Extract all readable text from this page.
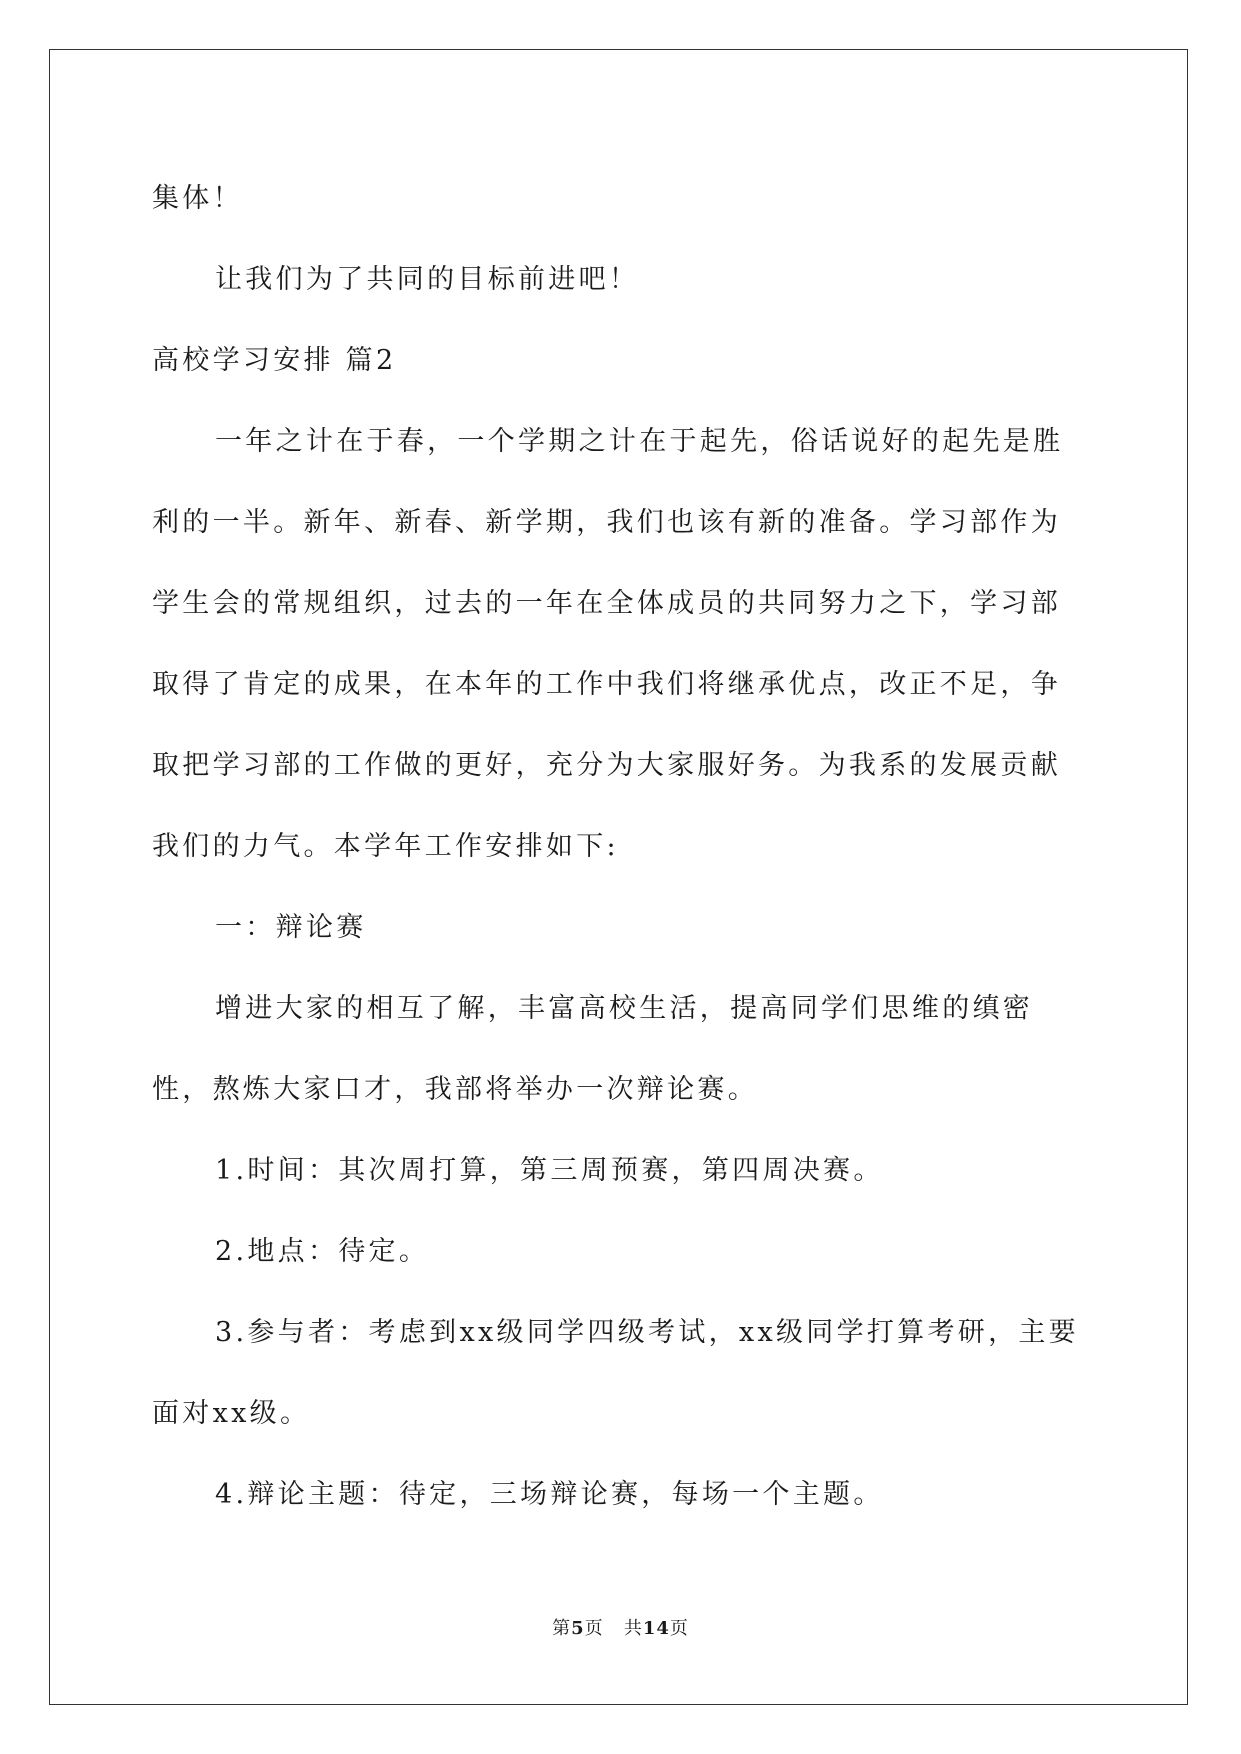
集体！

让我们为了共同的目标前进吧！

高校学习安排 篇2

一年之计在于春，一个学期之计在于起先，俗话说好的起先是胜利的一半。新年、新春、新学期，我们也该有新的准备。学习部作为学生会的常规组织，过去的一年在全体成员的共同努力之下，学习部取得了肯定的成果，在本年的工作中我们将继承优点，改正不足，争取把学习部的工作做的更好，充分为大家服好务。为我系的发展贡献我们的力气。本学年工作安排如下:

一：辩论赛

增进大家的相互了解，丰富高校生活，提高同学们思维的缜密性，熬炼大家口才，我部将举办一次辩论赛。

1.时间：其次周打算，第三周预赛，第四周决赛。

2.地点：待定。

3.参与者：考虑到xx级同学四级考试，xx级同学打算考研，主要面对xx级。

4.辩论主题：待定，三场辩论赛，每场一个主题。

第5页 共14页
